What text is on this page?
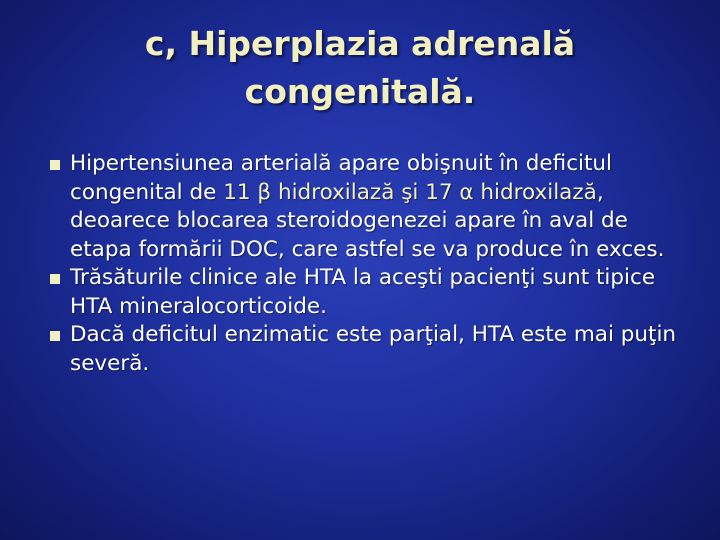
c, Hiperplazia adrenală
congenitală.
Hipertensiunea arterială apare obişnuit în deficitul congenital de 11 β hidroxilază şi 17 α hidroxilază, deoarece blocarea steroidogenezei apare în aval de etapa formării DOC, care astfel se va produce în exces.
Trăsăturile clinice ale HTA la aceşti pacienţi sunt tipice HTA mineralocorticoide.
Dacă deficitul enzimatic este parţial, HTA este mai puţin severă.
